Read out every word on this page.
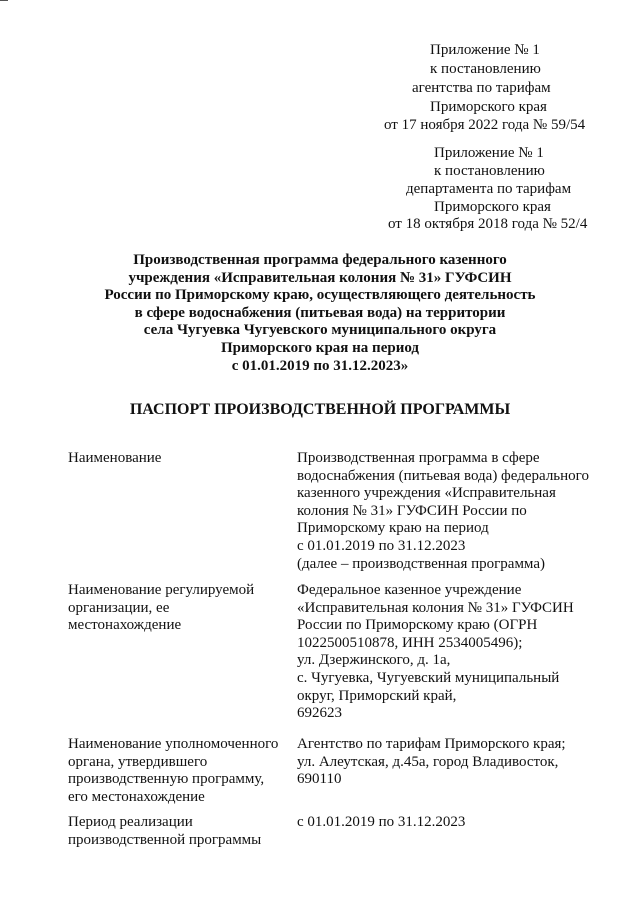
Приложение № 1
к постановлению
агентства по тарифам
Приморского края
от 17 ноября 2022 года № 59/54
Приложение № 1
к постановлению
департамента по тарифам
Приморского края
от 18 октября 2018 года № 52/4
Производственная программа федерального казенного
учреждения «Исправительная колония № 31» ГУФСИН
России по Приморскому краю, осуществляющего деятельность
в сфере водоснабжения (питьевая вода) на территории
села Чугуевка Чугуевского муниципального округа
Приморского края на период
с 01.01.2019 по 31.12.2023»
ПАСПОРТ ПРОИЗВОДСТВЕННОЙ ПРОГРАММЫ
Наименование	Производственная программа в сфере
водоснабжения (питьевая вода) федерального
казенного учреждения «Исправительная
колония № 31» ГУФСИН России по
Приморскому краю на период
с 01.01.2019 по 31.12.2023
(далее – производственная программа)
Наименование регулируемой
организации, ее
местонахождение
Федеральное казенное учреждение
«Исправительная колония № 31» ГУФСИН
России по Приморскому краю (ОГРН
1022500510878, ИНН 2534005496);
ул. Дзержинского, д. 1а,
с. Чугуевка, Чугуевский муниципальный
округ, Приморский край,
692623
Наименование уполномоченного
органа, утвердившего
производственную программу,
его местонахождение
Агентство по тарифам Приморского края;
ул. Алеутская, д.45а, город Владивосток,
690110
Период реализации
производственной программы
с 01.01.2019 по 31.12.2023
